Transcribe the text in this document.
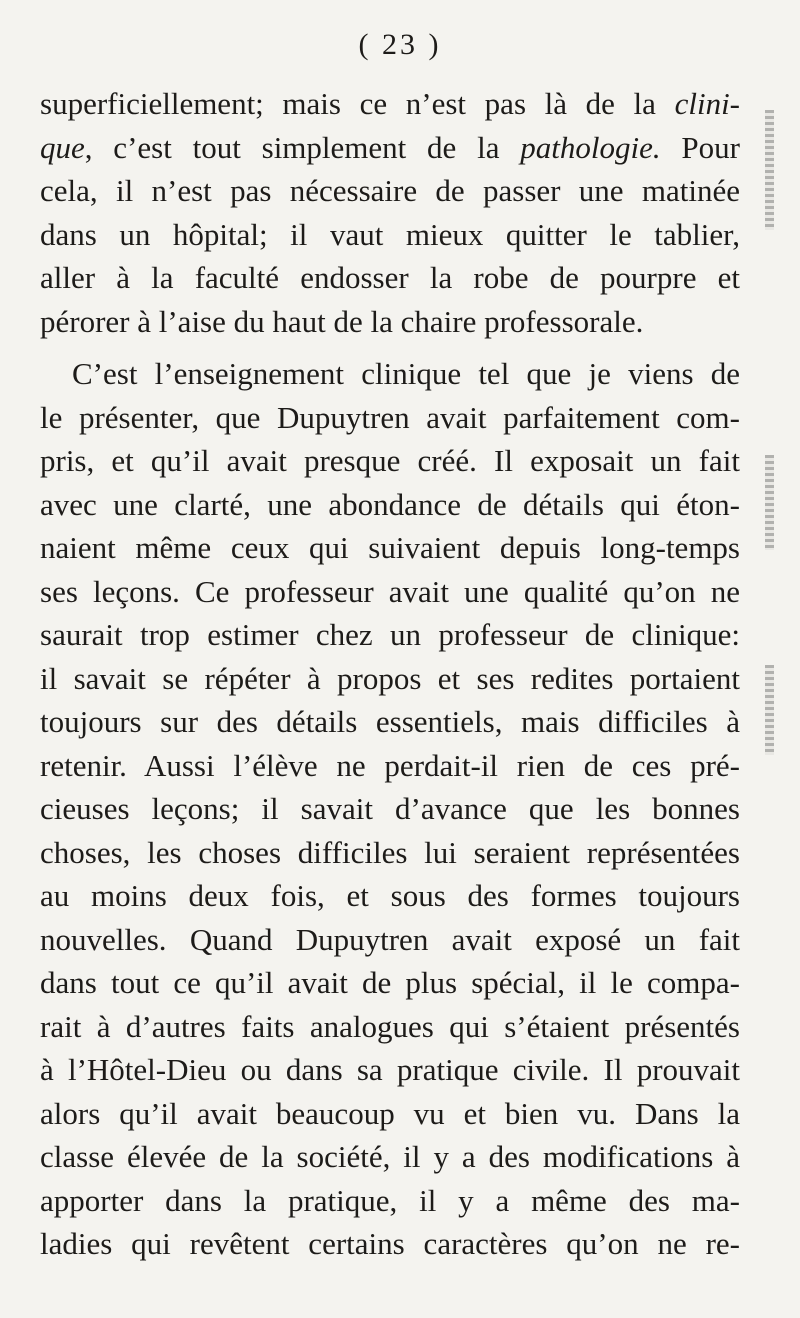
( 23 )
superficiellement; mais ce n’est pas là de la clini-
que, c’est tout simplement de la pathologie. Pour
cela, il n’est pas nécessaire de passer une matinée
dans un hôpital; il vaut mieux quitter le tablier,
aller à la faculté endosser la robe de pourpre et
pérorer à l’aise du haut de la chaire professorale.
C’est l’enseignement clinique tel que je viens de
le présenter, que Dupuytren avait parfaitement com-
pris, et qu’il avait presque créé. Il exposait un fait
avec une clarté, une abondance de détails qui éton-
naient même ceux qui suivaient depuis long-temps
ses leçons. Ce professeur avait une qualité qu’on ne
saurait trop estimer chez un professeur de clinique:
il savait se répéter à propos et ses redites portaient
toujours sur des détails essentiels, mais difficiles à
retenir. Aussi l’élève ne perdait-il rien de ces pré-
cieuses leçons; il savait d’avance que les bonnes
choses, les choses difficiles lui seraient représentées
au moins deux fois, et sous des formes toujours
nouvelles. Quand Dupuytren avait exposé un fait
dans tout ce qu’il avait de plus spécial, il le compa-
rait à d’autres faits analogues qui s’étaient présentés
à l’Hôtel-Dieu ou dans sa pratique civile. Il prouvait
alors qu’il avait beaucoup vu et bien vu. Dans la
classe élevée de la société, il y a des modifications à
apporter dans la pratique, il y a même des ma-
ladies qui revêtent certains caractères qu’on ne re-
